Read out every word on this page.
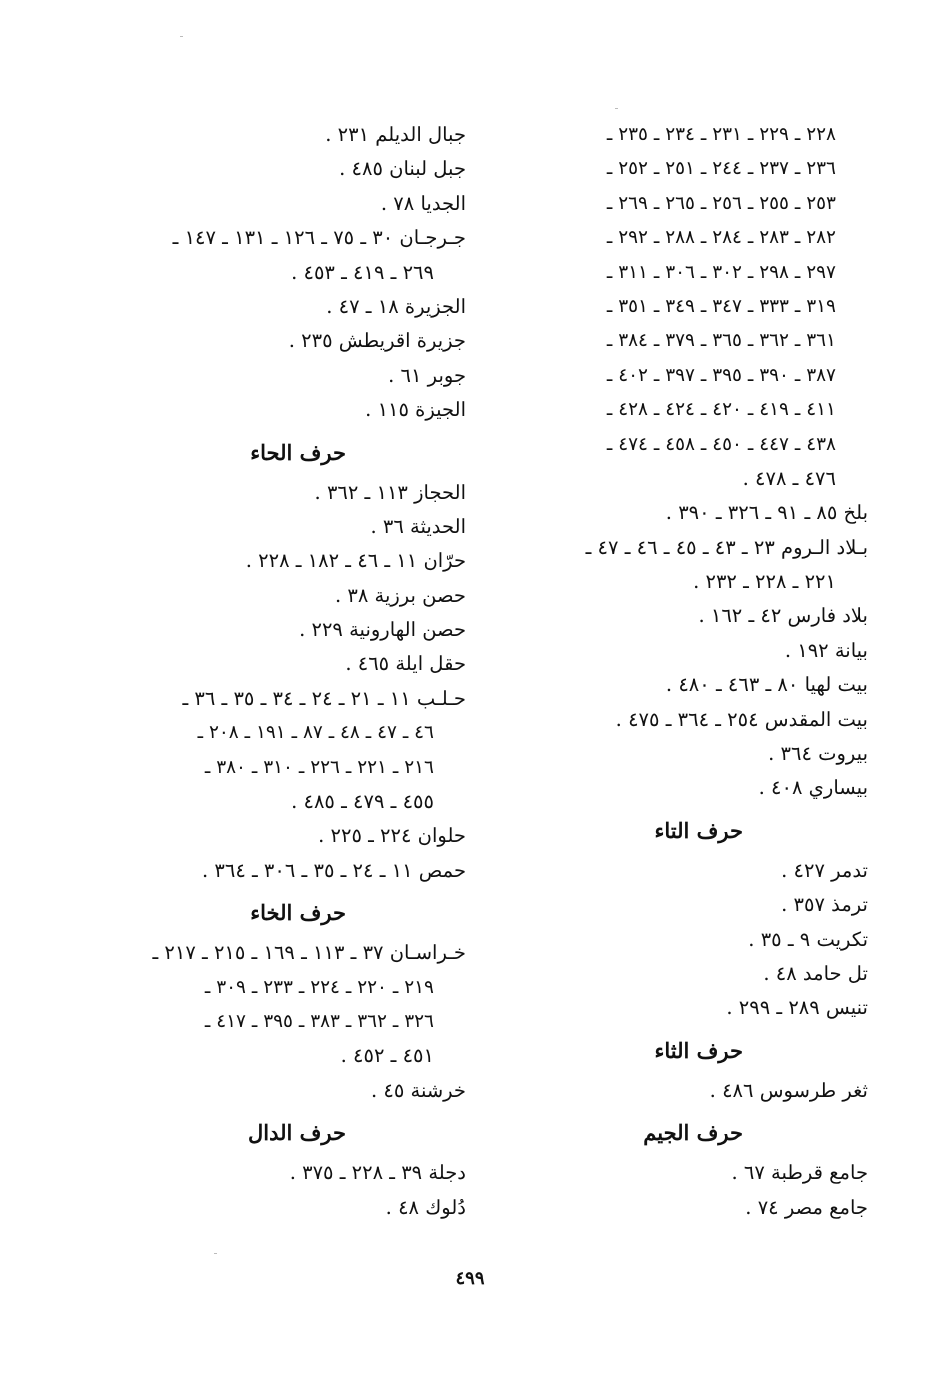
٢٢٨ ـ ٢٢٩ ـ ٢٣١ ـ ٢٣٤ ـ ٢٣٥ ـ
٢٣٦ ـ ٢٣٧ ـ ٢٤٤ ـ ٢٥١ ـ ٢٥٢ ـ
٢٥٣ ـ ٢٥٥ ـ ٢٥٦ ـ ٢٦٥ ـ ٢٦٩ ـ
٢٨٢ ـ ٢٨٣ ـ ٢٨٤ ـ ٢٨٨ ـ ٢٩٢ ـ
٢٩٧ ـ ٢٩٨ ـ ٣٠٢ ـ ٣٠٦ ـ ٣١١ ـ
٣١٩ ـ ٣٣٣ ـ ٣٤٧ ـ ٣٤٩ ـ ٣٥١ ـ
٣٦١ ـ ٣٦٢ ـ ٣٦٥ ـ ٣٧٩ ـ ٣٨٤ ـ
٣٨٧ ـ ٣٩٠ ـ ٣٩٥ ـ ٣٩٧ ـ ٤٠٢ ـ
٤١١ ـ ٤١٩ ـ ٤٢٠ ـ ٤٢٤ ـ ٤٢٨ ـ
٤٣٨ ـ ٤٤٧ ـ ٤٥٠ ـ ٤٥٨ ـ ٤٧٤ ـ
٤٧٦ ـ ٤٧٨ .
بلخ ٨٥ ـ ٩١ ـ ٣٢٦ ـ ٣٩٠ .
بـلاد الـروم ٢٣ ـ ٤٣ ـ ٤٥ ـ ٤٦ ـ ٤٧ ـ
٢٢١ ـ ٢٢٨ ـ ٢٣٢ .
بلاد فارس ٤٢ ـ ١٦٢ .
بيانة ١٩٢ .
بيت لهيا ٨٠ ـ ٤٦٣ ـ ٤٨٠ .
بيت المقدس ٢٥٤ ـ ٣٦٤ ـ ٤٧٥ .
بيروت ٣٦٤ .
بيساري ٤٠٨ .
حرف التاء
تدمر ٤٢٧ .
ترمذ ٣٥٧ .
تكريت ٩ ـ ٣٥ .
تل حامد ٤٨ .
تنيس ٢٨٩ ـ ٢٩٩ .
حرف الثاء
ثغر طرسوس ٤٨٦ .
حرف الجيم
جامع قرطبة ٦٧ .
جامع مصر ٧٤ .
جبال الديلم ٢٣١ .
جبل لبنان ٤٨٥ .
الجديا ٧٨ .
جـرجـان ٣٠ ـ ٧٥ ـ ١٢٦ ـ ١٣١ ـ ١٤٧ ـ
٢٦٩ ـ ٤١٩ ـ ٤٥٣ .
الجزيرة ١٨ ـ ٤٧ .
جزيرة اقريطش ٢٣٥ .
جوبر ٦١ .
الجيزة ١١٥ .
حرف الحاء
الحجاز ١١٣ ـ ٣٦٢ .
الحديثة ٣٦ .
حرّان ١١ ـ ٤٦ ـ ١٨٢ ـ ٢٢٨ .
حصن برزية ٣٨ .
حصن الهارونية ٢٢٩ .
حقل ايلة ٤٦٥ .
حـلـب ١١ ـ ٢١ ـ ٢٤ ـ ٣٤ ـ ٣٥ ـ ٣٦ ـ
٤٦ ـ ٤٧ ـ ٤٨ ـ ٨٧ ـ ١٩١ ـ ٢٠٨ ـ
٢١٦ ـ ٢٢١ ـ ٢٢٦ ـ ٣١٠ ـ ٣٨٠ ـ
٤٥٥ ـ ٤٧٩ ـ ٤٨٥ .
حلوان ٢٢٤ ـ ٢٢٥ .
حمص ١١ ـ ٢٤ ـ ٣٥ ـ ٣٠٦ ـ ٣٦٤ .
حرف الخاء
خـراسـان ٣٧ ـ ١١٣ ـ ١٦٩ ـ ٢١٥ ـ ٢١٧ ـ
٢١٩ ـ ٢٢٠ ـ ٢٢٤ ـ ٢٣٣ ـ ٣٠٩ ـ
٣٢٦ ـ ٣٦٢ ـ ٣٨٣ ـ ٣٩٥ ـ ٤١٧ ـ
٤٥١ ـ ٤٥٢ .
خرشنة ٤٥ .
حرف الدال
دجلة ٣٩ ـ ٢٢٨ ـ ٣٧٥ .
دُلوك ٤٨ .
٤٩٩
